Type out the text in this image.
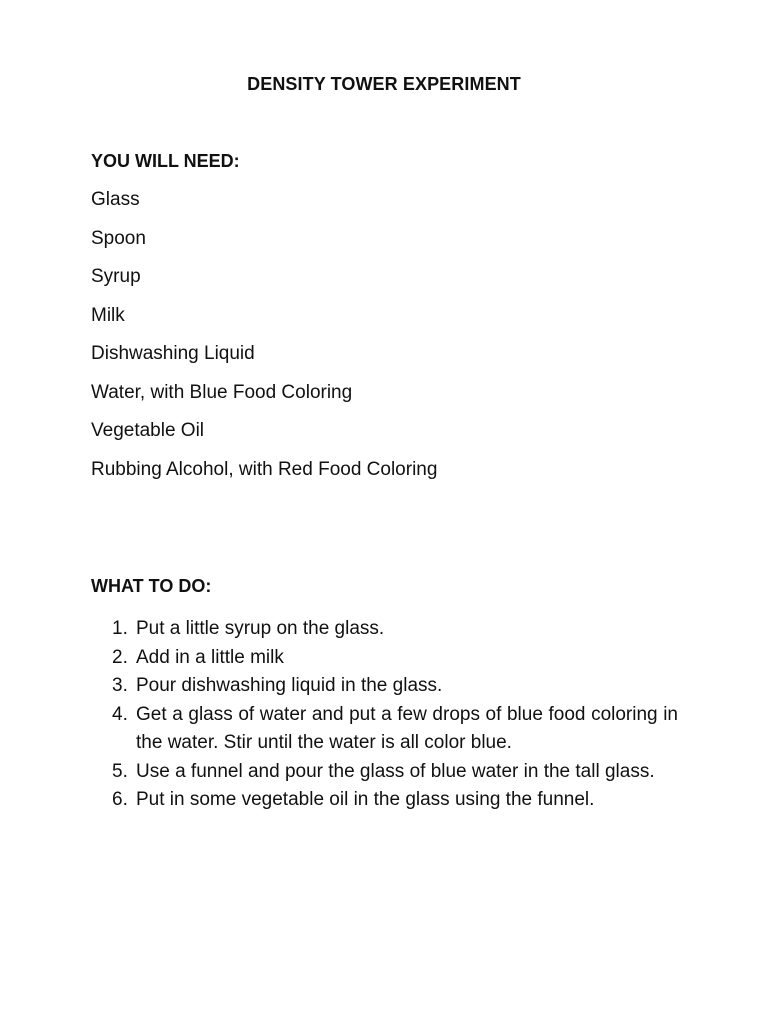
DENSITY TOWER EXPERIMENT
YOU WILL NEED:
Glass
Spoon
Syrup
Milk
Dishwashing Liquid
Water, with Blue Food Coloring
Vegetable Oil
Rubbing Alcohol, with Red Food Coloring
WHAT TO DO:
1. Put a little syrup on the glass.
2. Add in a little milk
3. Pour dishwashing liquid in the glass.
4. Get a glass of water and put a few drops of blue food coloring in the water. Stir until the water is all color blue.
5. Use a funnel and pour the glass of blue water in the tall glass.
6. Put in some vegetable oil in the glass using the funnel.
